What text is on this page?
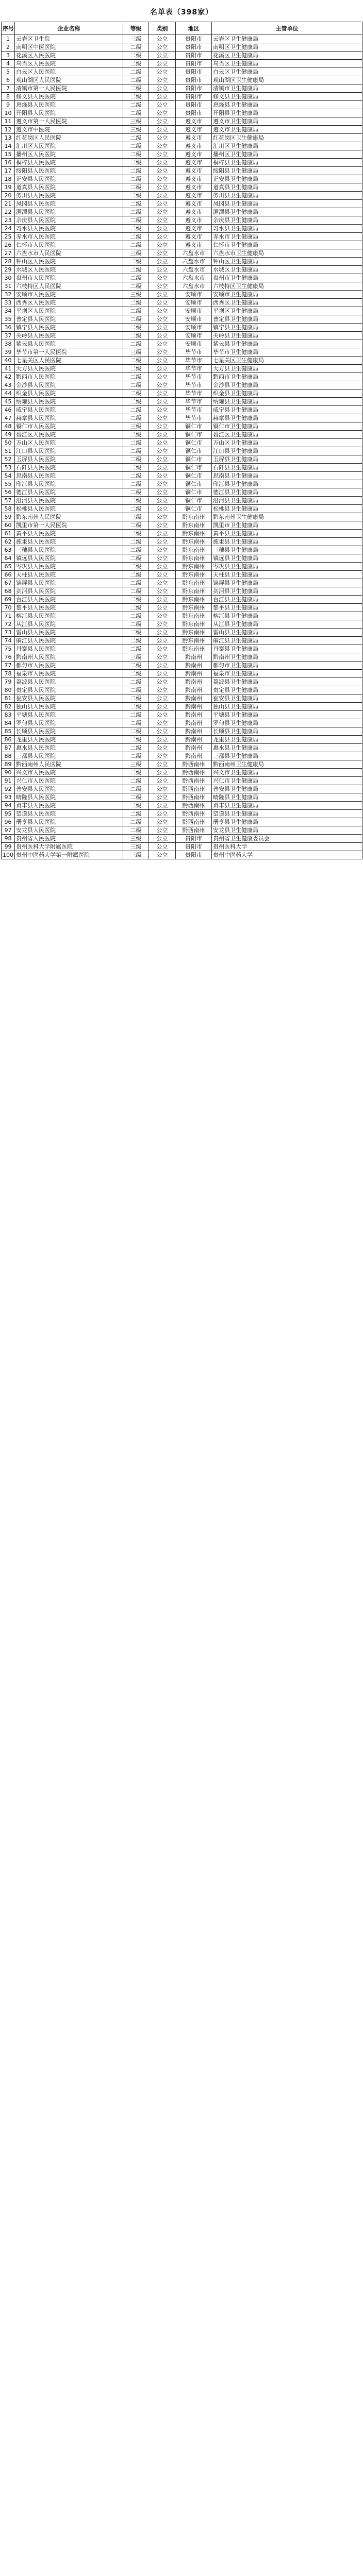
名单表（398家）
序号	企业名称	等级	类别	地区	主管单位
1	云岩区卫生院	三级	公立	贵阳市	云岩区卫生健康局
2	南明区中医医院	二级	公立	贵阳市	南明区卫生健康局
3	花溪区人民医院	二级	公立	贵阳市	花溪区卫生健康局
4	乌当区人民医院	二级	公立	贵阳市	乌当区卫生健康局
5	白云区人民医院	二级	公立	贵阳市	白云区卫生健康局
6	观山湖区人民医院	二级	公立	贵阳市	观山湖区卫生健康局
7	清镇市第一人民医院	二级	公立	贵阳市	清镇市卫生健康局
8	修文县人民医院	二级	公立	贵阳市	修文县卫生健康局
9	息烽县人民医院	二级	公立	贵阳市	息烽县卫生健康局
10	开阳县人民医院	二级	公立	贵阳市	开阳县卫生健康局
11	遵义市第一人民医院	三级	公立	遵义市	遵义市卫生健康局
12	遵义市中医院	三级	公立	遵义市	遵义市卫生健康局
13	红花岗区人民医院	二级	公立	遵义市	红花岗区卫生健康局
14	汇川区人民医院	二级	公立	遵义市	汇川区卫生健康局
15	播州区人民医院	二级	公立	遵义市	播州区卫生健康局
16	桐梓县人民医院	二级	公立	遵义市	桐梓县卫生健康局
17	绥阳县人民医院	二级	公立	遵义市	绥阳县卫生健康局
18	正安县人民医院	二级	公立	遵义市	正安县卫生健康局
19	道真县人民医院	二级	公立	遵义市	道真县卫生健康局
20	务川县人民医院	二级	公立	遵义市	务川县卫生健康局
21	凤冈县人民医院	二级	公立	遵义市	凤冈县卫生健康局
22	湄潭县人民医院	二级	公立	遵义市	湄潭县卫生健康局
23	余庆县人民医院	二级	公立	遵义市	余庆县卫生健康局
24	习水县人民医院	二级	公立	遵义市	习水县卫生健康局
25	赤水市人民医院	二级	公立	遵义市	赤水市卫生健康局
26	仁怀市人民医院	二级	公立	遵义市	仁怀市卫生健康局
27	六盘水市人民医院	三级	公立	六盘水市	六盘水市卫生健康局
28	钟山区人民医院	二级	公立	六盘水市	钟山区卫生健康局
29	水城区人民医院	二级	公立	六盘水市	水城区卫生健康局
30	盘州市人民医院	二级	公立	六盘水市	盘州市卫生健康局
31	六枝特区人民医院	二级	公立	六盘水市	六枝特区卫生健康局
32	安顺市人民医院	三级	公立	安顺市	安顺市卫生健康局
33	西秀区人民医院	二级	公立	安顺市	西秀区卫生健康局
34	平坝区人民医院	二级	公立	安顺市	平坝区卫生健康局
35	普定县人民医院	二级	公立	安顺市	普定县卫生健康局
36	镇宁县人民医院	二级	公立	安顺市	镇宁县卫生健康局
37	关岭县人民医院	二级	公立	安顺市	关岭县卫生健康局
38	紫云县人民医院	二级	公立	安顺市	紫云县卫生健康局
39	毕节市第一人民医院	三级	公立	毕节市	毕节市卫生健康局
40	七星关区人民医院	二级	公立	毕节市	七星关区卫生健康局
41	大方县人民医院	二级	公立	毕节市	大方县卫生健康局
42	黔西市人民医院	二级	公立	毕节市	黔西市卫生健康局
43	金沙县人民医院	二级	公立	毕节市	金沙县卫生健康局
44	织金县人民医院	二级	公立	毕节市	织金县卫生健康局
45	纳雍县人民医院	二级	公立	毕节市	纳雍县卫生健康局
46	威宁县人民医院	二级	公立	毕节市	威宁县卫生健康局
47	赫章县人民医院	二级	公立	毕节市	赫章县卫生健康局
48	铜仁市人民医院	三级	公立	铜仁市	铜仁市卫生健康局
49	碧江区人民医院	二级	公立	铜仁市	碧江区卫生健康局
50	万山区人民医院	二级	公立	铜仁市	万山区卫生健康局
51	江口县人民医院	二级	公立	铜仁市	江口县卫生健康局
52	玉屏县人民医院	二级	公立	铜仁市	玉屏县卫生健康局
53	石阡县人民医院	二级	公立	铜仁市	石阡县卫生健康局
54	思南县人民医院	二级	公立	铜仁市	思南县卫生健康局
55	印江县人民医院	二级	公立	铜仁市	印江县卫生健康局
56	德江县人民医院	二级	公立	铜仁市	德江县卫生健康局
57	沿河县人民医院	二级	公立	铜仁市	沿河县卫生健康局
58	松桃县人民医院	二级	公立	铜仁市	松桃县卫生健康局
59	黔东南州人民医院	三级	公立	黔东南州	黔东南州卫生健康局
60	凯里市第一人民医院	二级	公立	黔东南州	凯里市卫生健康局
61	黄平县人民医院	二级	公立	黔东南州	黄平县卫生健康局
62	施秉县人民医院	二级	公立	黔东南州	施秉县卫生健康局
63	三穗县人民医院	二级	公立	黔东南州	三穗县卫生健康局
64	镇远县人民医院	二级	公立	黔东南州	镇远县卫生健康局
65	岑巩县人民医院	二级	公立	黔东南州	岑巩县卫生健康局
66	天柱县人民医院	二级	公立	黔东南州	天柱县卫生健康局
67	锦屏县人民医院	二级	公立	黔东南州	锦屏县卫生健康局
68	剑河县人民医院	二级	公立	黔东南州	剑河县卫生健康局
69	台江县人民医院	二级	公立	黔东南州	台江县卫生健康局
70	黎平县人民医院	二级	公立	黔东南州	黎平县卫生健康局
71	榕江县人民医院	二级	公立	黔东南州	榕江县卫生健康局
72	从江县人民医院	二级	公立	黔东南州	从江县卫生健康局
73	雷山县人民医院	二级	公立	黔东南州	雷山县卫生健康局
74	麻江县人民医院	二级	公立	黔东南州	麻江县卫生健康局
75	丹寨县人民医院	二级	公立	黔东南州	丹寨县卫生健康局
76	黔南州人民医院	三级	公立	黔南州	黔南州卫生健康局
77	都匀市人民医院	二级	公立	黔南州	都匀市卫生健康局
78	福泉市人民医院	二级	公立	黔南州	福泉市卫生健康局
79	荔波县人民医院	二级	公立	黔南州	荔波县卫生健康局
80	贵定县人民医院	二级	公立	黔南州	贵定县卫生健康局
81	瓮安县人民医院	二级	公立	黔南州	瓮安县卫生健康局
82	独山县人民医院	二级	公立	黔南州	独山县卫生健康局
83	平塘县人民医院	二级	公立	黔南州	平塘县卫生健康局
84	罗甸县人民医院	二级	公立	黔南州	罗甸县卫生健康局
85	长顺县人民医院	二级	公立	黔南州	长顺县卫生健康局
86	龙里县人民医院	二级	公立	黔南州	龙里县卫生健康局
87	惠水县人民医院	二级	公立	黔南州	惠水县卫生健康局
88	三都县人民医院	二级	公立	黔南州	三都县卫生健康局
89	黔西南州人民医院	三级	公立	黔西南州	黔西南州卫生健康局
90	兴义市人民医院	二级	公立	黔西南州	兴义市卫生健康局
91	兴仁市人民医院	二级	公立	黔西南州	兴仁市卫生健康局
92	普安县人民医院	二级	公立	黔西南州	普安县卫生健康局
93	晴隆县人民医院	二级	公立	黔西南州	晴隆县卫生健康局
94	贞丰县人民医院	二级	公立	黔西南州	贞丰县卫生健康局
95	望谟县人民医院	二级	公立	黔西南州	望谟县卫生健康局
96	册亨县人民医院	二级	公立	黔西南州	册亨县卫生健康局
97	安龙县人民医院	二级	公立	黔西南州	安龙县卫生健康局
98	贵州省人民医院	三级	公立	贵阳市	贵州省卫生健康委员会
99	贵州医科大学附属医院	三级	公立	贵阳市	贵州医科大学
100	贵州中医药大学第一附属医院	三级	公立	贵阳市	贵州中医药大学
